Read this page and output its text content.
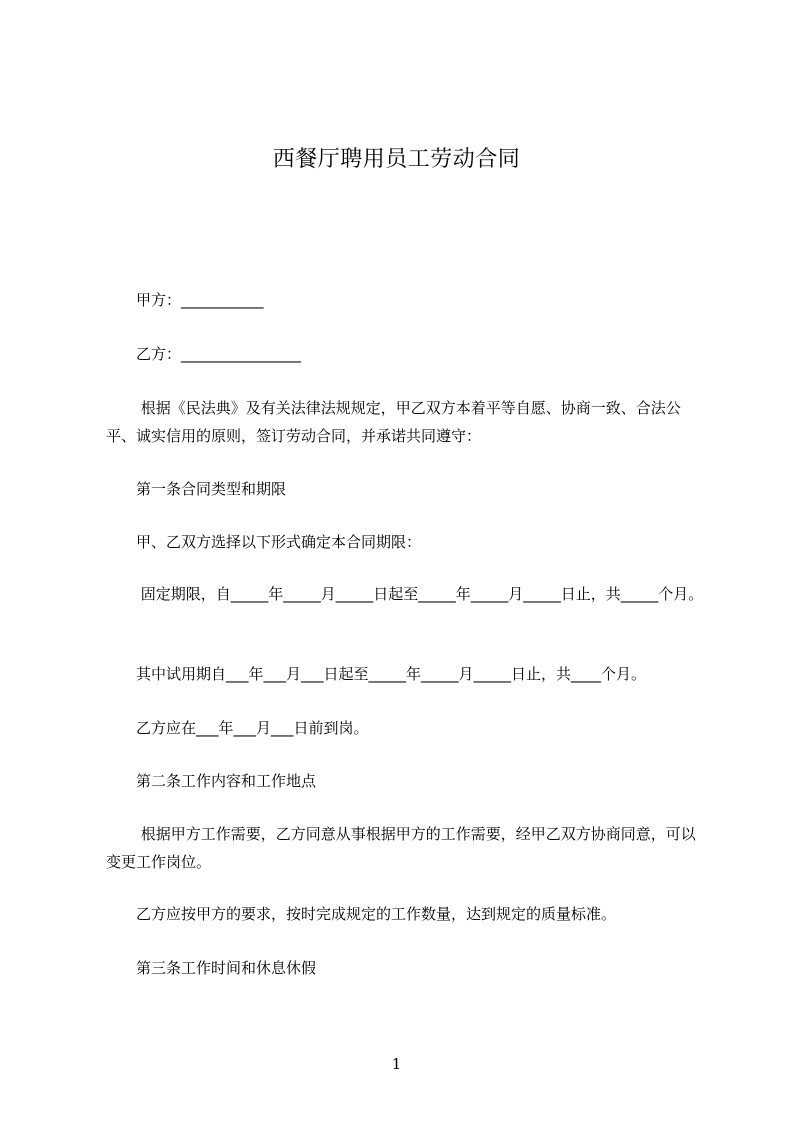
西餐厅聘用员工劳动合同
甲方：___________
乙方：________________
根据《民法典》及有关法律法规规定，甲乙双方本着平等自愿、协商一致、合法公平、诚实信用的原则，签订劳动合同，并承诺共同遵守：
第一条合同类型和期限
甲、乙双方选择以下形式确定本合同期限：
固定期限，自_____年_____月_____日起至_____年_____月_____日止，共_____个月。
其中试用期自___年___月___日起至_____年_____月_____日止，共____个月。
乙方应在___年___月___日前到岗。
第二条工作内容和工作地点
根据甲方工作需要，乙方同意从事根据甲方的工作需要，经甲乙双方协商同意，可以变更工作岗位。
乙方应按甲方的要求，按时完成规定的工作数量，达到规定的质量标准。
第三条工作时间和休息休假
1
